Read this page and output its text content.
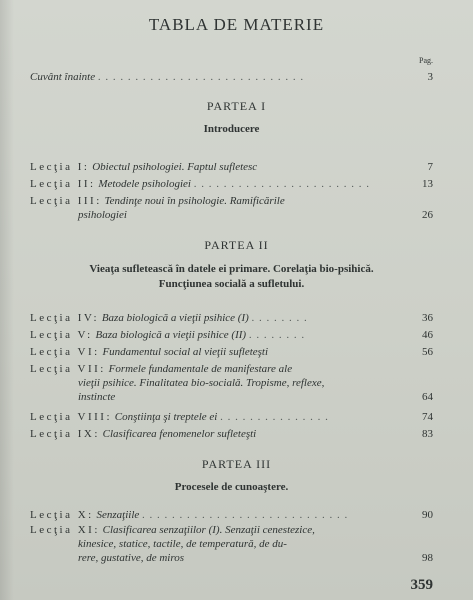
TABLA DE MATERIE
Pag.
Cuvânt înainte . . . . . . . . . . . . . . . . . . . . . . . . . . . .	3
PARTEA I
Introducere
Lecţia I: Obiectul psihologiei. Faptul sufletesc	7
Lecţia II: Metodele psihologiei . . . . . . . . . . . . . . . . . . . . . . . .	13
Lecţia III: Tendinţe noui în psihologie. Ramificările
psihologiei	26
PARTEA II
Vieaţa sufletească în datele ei primare. Corelaţia bio-psihică.
Funcţiunea socială a sufletului.
Lecţia IV: Baza biologică a vieţii psihice (I) . . . . . . . .	36
Lecţia V: Baza biologică a vieţii psihice (II) . . . . . . . .	46
Lecţia VI: Fundamentul social al vieţii sufleteşti	56
Lecţia VII: Formele fundamentale de manifestare ale
vieţii psihice. Finalitatea bio-socială. Tropisme, reflexe,
instincte	64
Lecţia VIII: Conştiinţa şi treptele ei . . . . . . . . . . . . . . .	74
Lecţia IX: Clasificarea fenomenelor sufleteşti	83
PARTEA III
Procesele de cunoaştere.
Lecţia X: Senzaţiile . . . . . . . . . . . . . . . . . . . . . . . . . . . .	90
Lecţia XI: Clasificarea senzaţiilor (I). Senzaţii cenestezice,
kinesice, statice, tactile, de temperatură, de du-
rere, gustative, de miros	98
359
